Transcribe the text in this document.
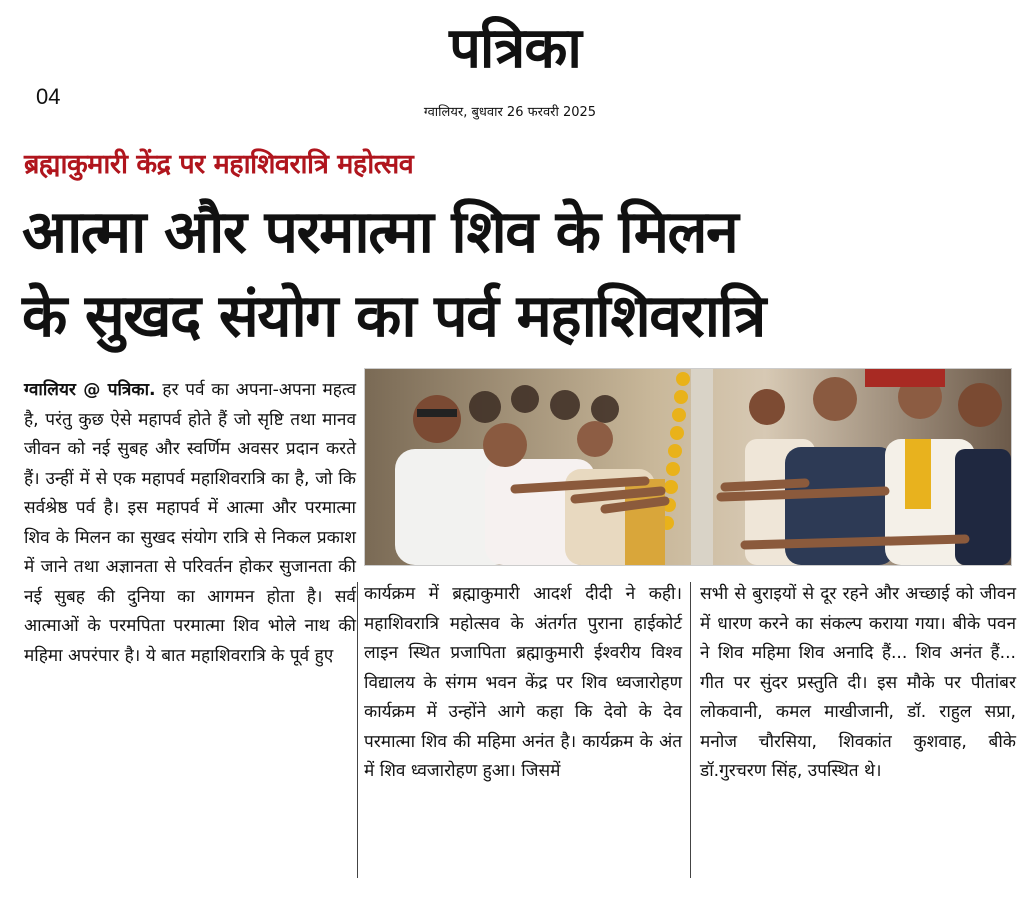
04
पत्रिका
ग्वालियर, बुधवार 26 फरवरी 2025
ब्रह्माकुमारी केंद्र पर महाशिवरात्रि महोत्सव
आत्मा और परमात्मा शिव के मिलन
के सुखद संयोग का पर्व महाशिवरात्रि
ग्वालियर @ पत्रिका. हर पर्व का अपना-अपना महत्व है, परंतु कुछ ऐसे महापर्व होते हैं जो सृष्टि तथा मानव जीवन को नई सुबह और स्वर्णिम अवसर प्रदान करते हैं। उन्हीं में से एक महापर्व महाशिवरात्रि का है, जो कि सर्वश्रेष्ठ पर्व है। इस महापर्व में आत्मा और परमात्मा शिव के मिलन का सुखद संयोग रात्रि से निकल प्रकाश में जाने तथा अज्ञानता से परिवर्तन होकर सुजानता की नई सुबह की दुनिया का आगमन होता है। सर्व आत्माओं के परमपिता परमात्मा शिव भोले नाथ की महिमा अपरंपार है। ये बात महाशिवरात्रि के पूर्व हुए
कार्यक्रम में ब्रह्माकुमारी आदर्श दीदी ने कही। महाशिवरात्रि महोत्सव के अंतर्गत पुराना हाईकोर्ट लाइन स्थित प्रजापिता ब्रह्माकुमारी ईश्वरीय विश्व विद्यालय के संगम भवन केंद्र पर शिव ध्वजारोहण कार्यक्रम में उन्होंने आगे कहा कि देवो के देव परमात्मा शिव की महिमा अनंत है। कार्यक्रम के अंत में शिव ध्वजारोहण हुआ। जिसमें
सभी से बुराइयों से दूर रहने और अच्छाई को जीवन में धारण करने का संकल्प कराया गया। बीके पवन ने शिव महिमा शिव अनादि हैं... शिव अनंत हैं... गीत पर सुंदर प्रस्तुति दी। इस मौके पर पीतांबर लोकवानी, कमल माखीजानी, डॉ. राहुल सप्रा, मनोज चौरसिया, शिवकांत कुशवाह, बीके डॉ.गुरचरण सिंह, उपस्थित थे।
